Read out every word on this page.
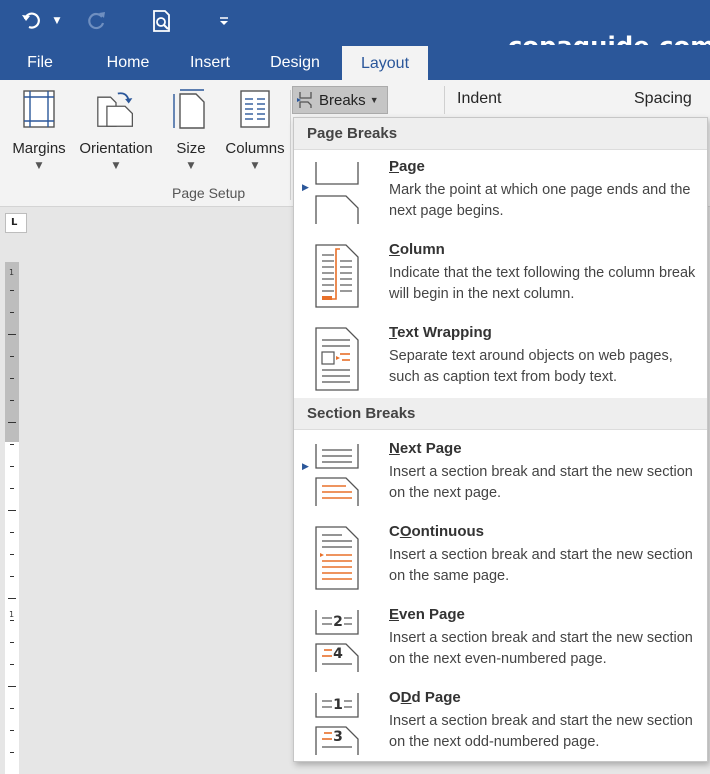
▼
File	Home	Insert	Design	Layout
Margins
▼
Orientation
▼
Size
▼
Columns
▼
Page Setup
Breaks ▼	Indent	Spacing
L
1
1
Page Breaks
▶
Page
Mark the point at which one page ends and the next page begins.
Column
Indicate that the text following the column break will begin in the next column.
Text Wrapping
Separate text around objects on web pages, such as caption text from body text.
Section Breaks
▶
Next Page
Insert a section break and start the new section on the next page.
COontinuous
Insert a section break and start the new section on the same page.
2
4
Even Page
Insert a section break and start the new section on the next even-numbered page.
1
3
ODd Page
Insert a section break and start the new section on the next odd-numbered page.
